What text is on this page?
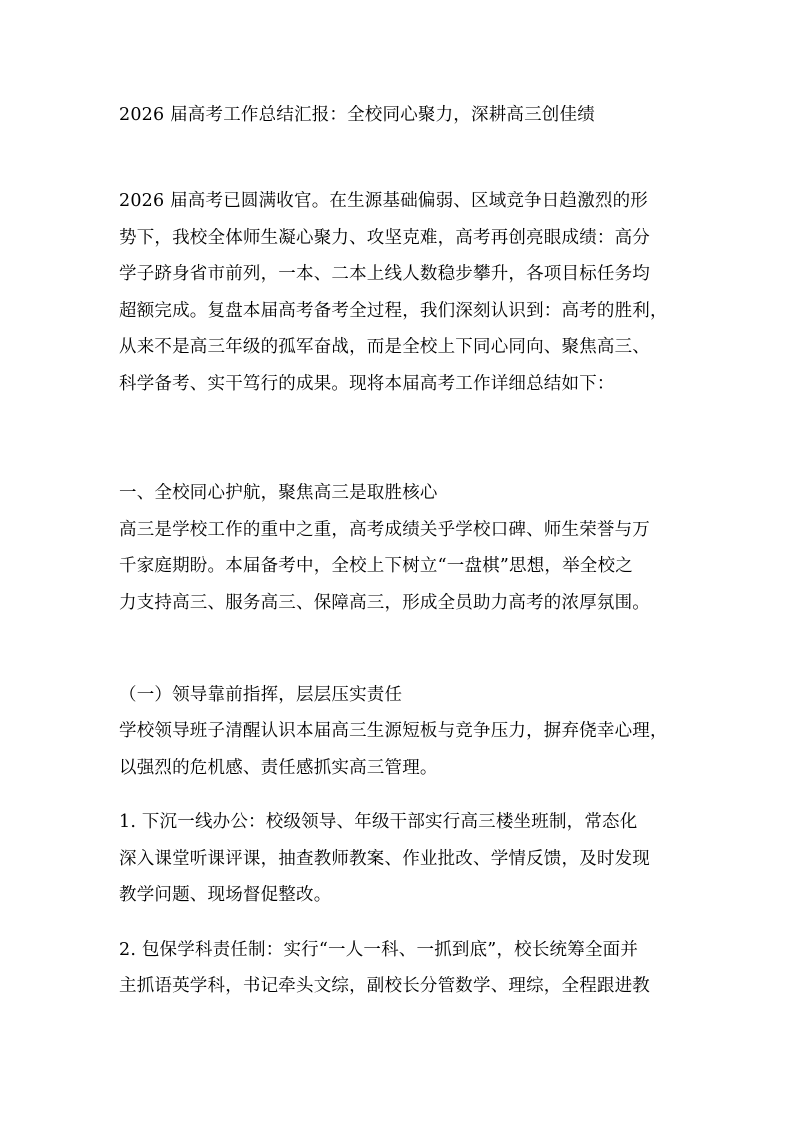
2026 届高考工作总结汇报：全校同心聚力，深耕高三创佳绩
2026 届高考已圆满收官。在生源基础偏弱、区域竞争日趋激烈的形
势下，我校全体师生凝心聚力、攻坚克难，高考再创亮眼成绩：高分
学子跻身省市前列，一本、二本上线人数稳步攀升，各项目标任务均
超额完成。复盘本届高考备考全过程，我们深刻认识到：高考的胜利，
从来不是高三年级的孤军奋战，而是全校上下同心同向、聚焦高三、
科学备考、实干笃行的成果。现将本届高考工作详细总结如下：
一、全校同心护航，聚焦高三是取胜核心
高三是学校工作的重中之重，高考成绩关乎学校口碑、师生荣誉与万
千家庭期盼。本届备考中，全校上下树立“一盘棋”思想，举全校之
力支持高三、服务高三、保障高三，形成全员助力高考的浓厚氛围。
（一）领导靠前指挥，层层压实责任
学校领导班子清醒认识本届高三生源短板与竞争压力，摒弃侥幸心理，
以强烈的危机感、责任感抓实高三管理。
1. 下沉一线办公：校级领导、年级干部实行高三楼坐班制，常态化
深入课堂听课评课，抽查教师教案、作业批改、学情反馈，及时发现
教学问题、现场督促整改。
2. 包保学科责任制：实行“一人一科、一抓到底”，校长统筹全面并
主抓语英学科，书记牵头文综，副校长分管数学、理综，全程跟进教
